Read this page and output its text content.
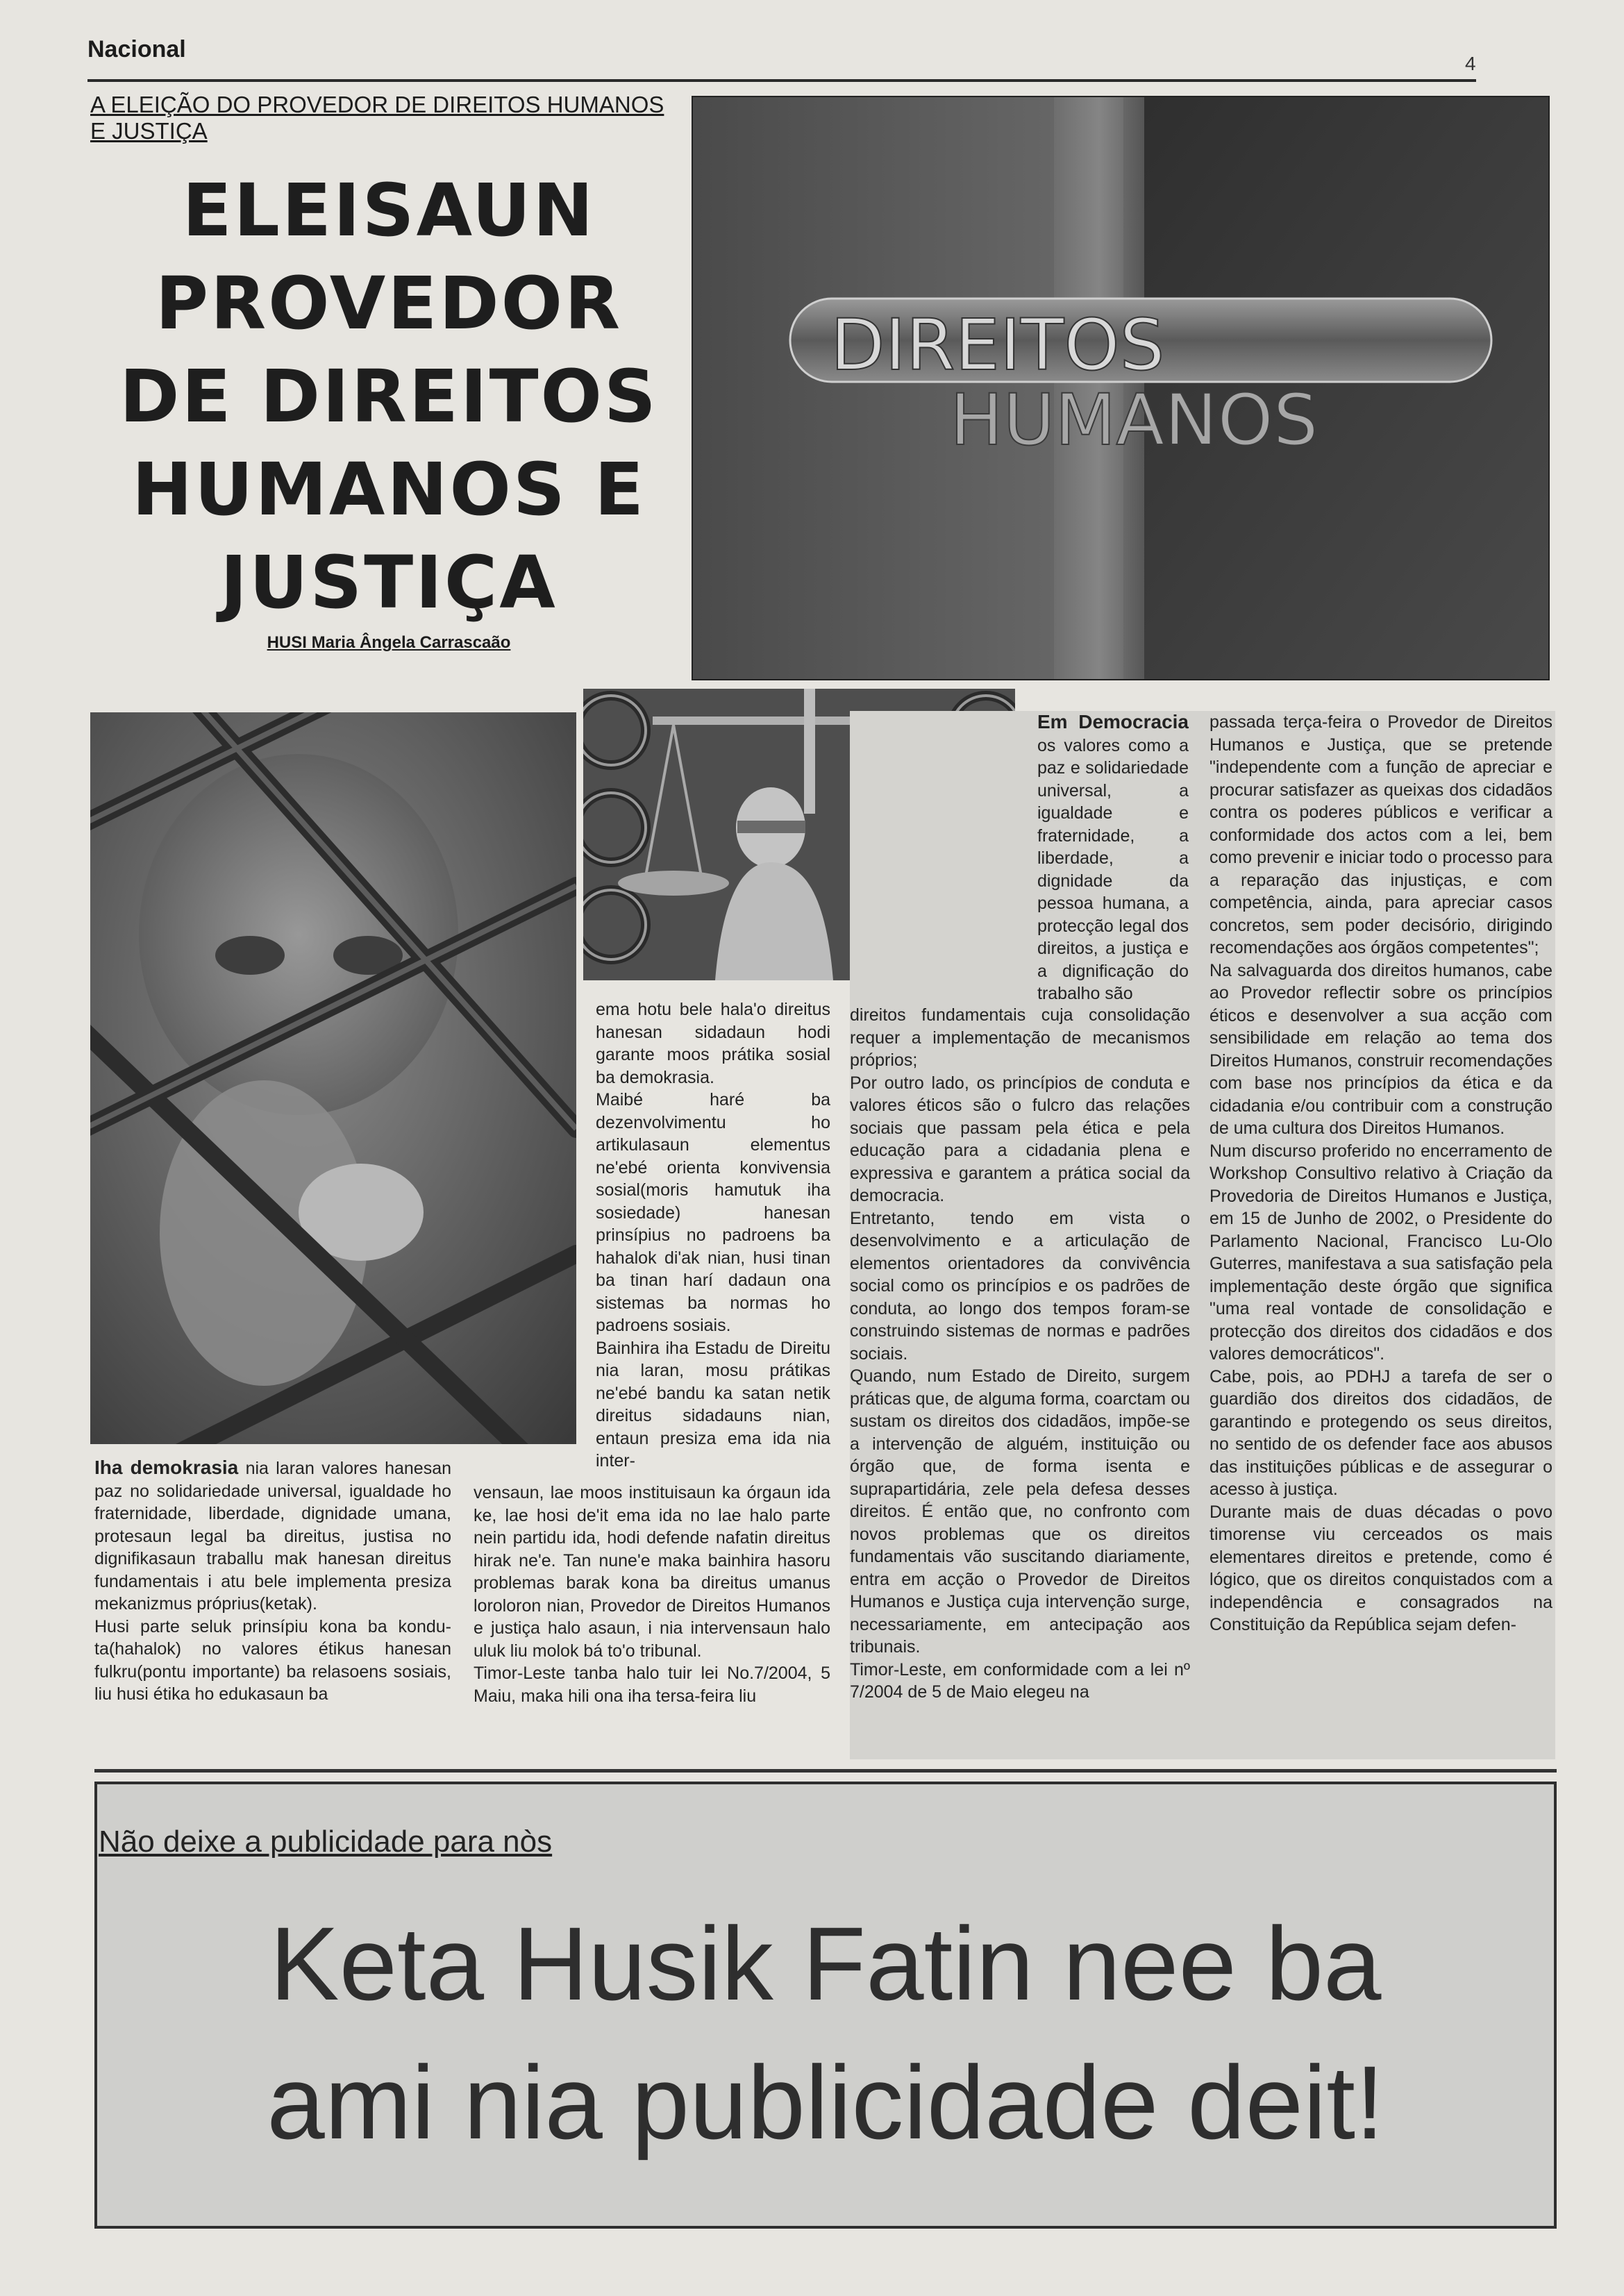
Nacional
4
A ELEIÇÃO DO PROVEDOR DE DIREITOS HUMANOS
E JUSTIÇA
ELEISAUN
PROVEDOR
DE DIREITOS
HUMANOS E
JUSTIÇA
HUSI Maria Ângela Carrascaão
DIREITOS
HUMANOS

Iha demokrasia nia laran valores hanesan paz no solidariedade universal, igualdade ho fraternidade, liberdade, dignidade umana, protesaun legal ba direitus, justisa no dignifikasaun traballu mak hanesan direitus fundamentais i atu bele implementa presiza mekanizmus próprius(ketak).

Husi parte seluk prinsípiu kona ba kondu-ta(hahalok) no valores étikus hanesan fulkru(pontu importante) ba relasoens sosiais, liu husi étika ho edukasaun ba

ema hotu bele hala'o direitus hanesan sidadaun hodi garante moos prátika sosial ba demokrasia.

Maibé haré ba dezenvolvimentu ho artikulasaun elementus ne'ebé orienta konvivensia sosial(moris hamutuk iha sosiedade) hanesan prinsípius no padroens ba hahalok di'ak nian, husi tinan ba tinan harí dadaun ona sistemas ba normas ho padroens sosiais.

Bainhira iha Estadu de Direitu nia laran, mosu prátikas ne'ebé bandu ka satan netik direitus sidadauns nian, entaun presiza ema ida nia inter-

vensaun, lae moos instituisaun ka órgaun ida ke, lae hosi de'it ema ida no lae halo parte nein partidu ida, hodi defende nafatin direitus hirak ne'e. Tan nune'e maka bainhira hasoru problemas barak kona ba direitus umanus loroloron nian, Provedor de Direitos Humanos e justiça halo asaun, i nia intervensaun halo uluk liu molok bá to'o tribunal.

Timor-Leste tanba halo tuir lei No.7/2004, 5 Maiu, maka hili ona iha tersa-feira liu

Em Democracia os valores como a paz e solidariedade universal, a igualdade e fraternidade, a liberdade, a dignidade da pessoa humana, a protecção legal dos direitos, a justiça e a dignificação do trabalho são

direitos fundamentais cuja consolidação requer a implementação de mecanismos próprios;

Por outro lado, os princípios de conduta e valores éticos são o fulcro das relações sociais que passam pela ética e pela educação para a cidadania plena e expressiva e garantem a prática social da democracia.

Entretanto, tendo em vista o desenvolvimento e a articulação de elementos orientadores da convivência social como os princípios e os padrões de conduta, ao longo dos tempos foram-se construindo sistemas de normas e padrões sociais.

Quando, num Estado de Direito, surgem práticas que, de alguma forma, coarctam ou sustam os direitos dos cidadãos, impõe-se a intervenção de alguém, instituição ou órgão que, de forma isenta e suprapartidária, zele pela defesa desses direitos. É então que, no confronto com novos problemas que os direitos fundamentais vão suscitando diariamente, entra em acção o Provedor de Direitos Humanos e Justiça cuja intervenção surge, necessariamente, em antecipação aos tribunais.

Timor-Leste, em conformidade com a lei nº 7/2004 de 5 de Maio elegeu na

passada terça-feira o Provedor de Direitos Humanos e Justiça, que se pretende "independente com a função de apreciar e procurar satisfazer as queixas dos cidadãos contra os poderes públicos e verificar a conformidade dos actos com a lei, bem como prevenir e iniciar todo o processo para a reparação das injustiças, e com competência, ainda, para apreciar casos concretos, sem poder decisório, dirigindo recomendações aos órgãos competentes";

Na salvaguarda dos direitos humanos, cabe ao Provedor reflectir sobre os princípios éticos e desenvolver a sua acção com sensibilidade em relação ao tema dos Direitos Humanos, construir recomendações com base nos princípios da ética e da cidadania e/ou contribuir com a construção de uma cultura dos Direitos Humanos.

Num discurso proferido no encerramento de Workshop Consultivo relativo à Criação da Provedoria de Direitos Humanos e Justiça, em 15 de Junho de 2002, o Presidente do Parlamento Nacional, Francisco Lu-Olo Guterres, manifestava a sua satisfação pela implementação deste órgão que significa "uma real vontade de consolidação e protecção dos direitos dos cidadãos e dos valores democráticos".

Cabe, pois, ao PDHJ a tarefa de ser o guardião dos direitos dos cidadãos, de garantindo e protegendo os seus direitos, no sentido de os defender face aos abusos das instituições públicas e de assegurar o acesso à justiça.

Durante mais de duas décadas o povo timorense viu cerceados os mais elementares direitos e pretende, como é lógico, que os direitos conquistados com a independência e consagrados na Constituição da República sejam defen-

Não deixe a publicidade para nòs
Keta Husik Fatin nee ba
ami nia publicidade deit!
